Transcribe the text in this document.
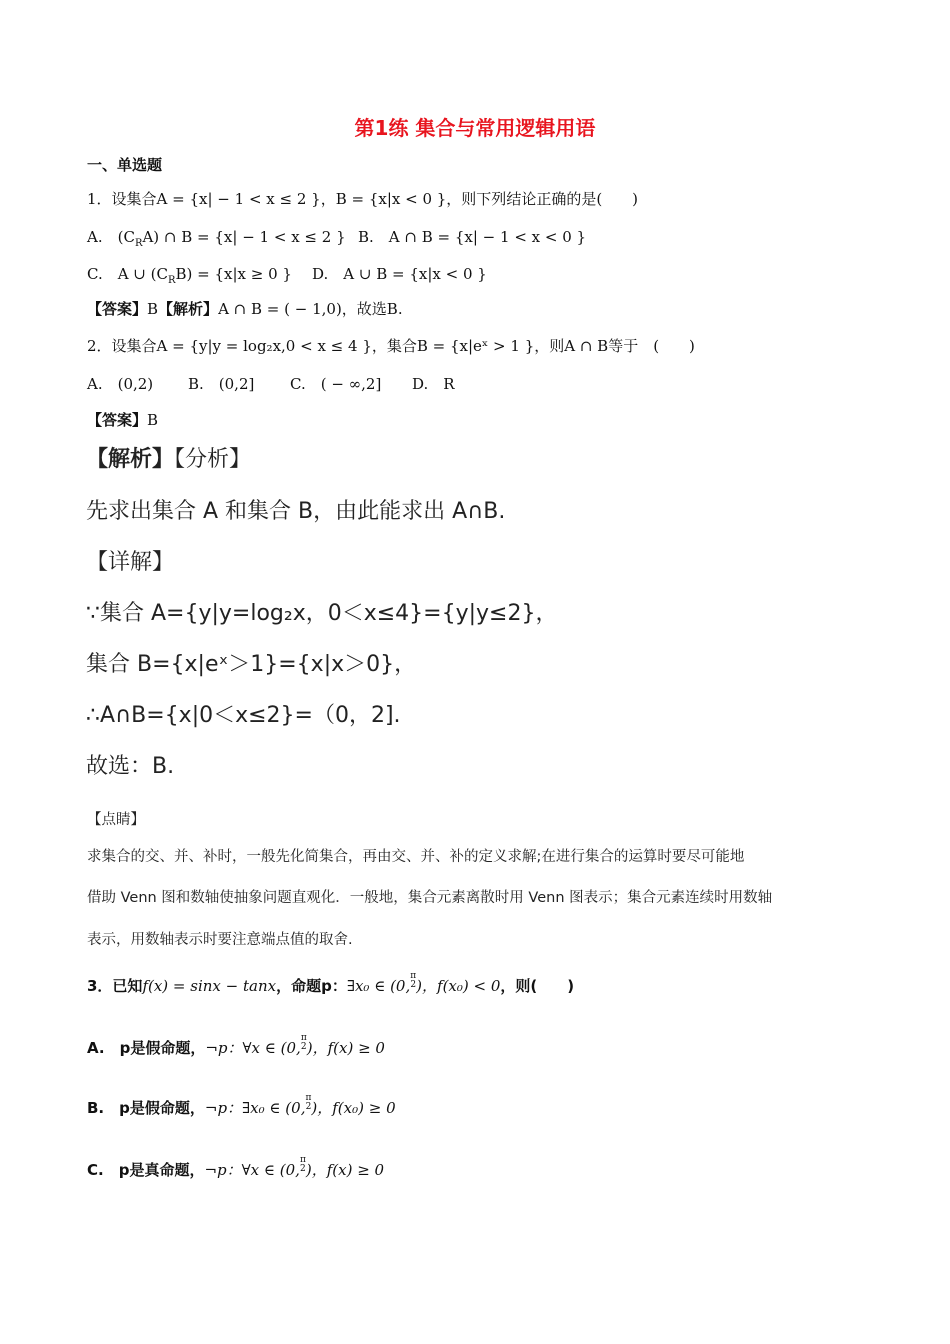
第1练 集合与常用逻辑用语
一、单选题
1．设集合A = {x| − 1 < x ≤ 2 }，B = {x|x < 0 }，则下列结论正确的是(　　)
A.　$(C_RA)$ ∩ B = {x| − 1 < x ≤ 2 } B.　A ∩ B = {x| − 1 < x < 0 }
C.　A ∪ $(C_RB) = \{x|x \ge 0$ } D.　A ∪ B = {x|x < 0 }
【答案】B【解析】A ∩ B = ( − 1,0)，故选B.
2．设集合A = {y|y = log₂x,0 < x ≤ 4 }，集合B = {x|eˣ > 1 }，则A ∩ B等于　(　　)
A.　(0,2) B.　(0,2] C.　( − ∞,2] D.　R
【答案】B
【解析】【分析】
先求出集合 A 和集合 B，由此能求出 A∩B.
【详解】
∵集合 A={y|y=log₂x，0＜x≤4}={y|y≤2}，
集合 B={x|eˣ＞1}={x|x＞0}，
∴A∩B={x|0＜x≤2}=（0，2].
故选：B.
【点睛】
求集合的交、并、补时，一般先化简集合，再由交、并、补的定义求解;在进行集合的运算时要尽可能地
借助 Venn 图和数轴使抽象问题直观化．一般地，集合元素离散时用 Venn 图表示；集合元素连续时用数轴
表示，用数轴表示时要注意端点值的取舍.
3．已知f(x) = sinx − tanx，命题p：∃x₀ ∈ (0,π
2)，f(x₀) < 0，则(　　)
A.　p是假命题，¬p：∀x ∈ (0,π
2)，f(x) ≥ 0
B.　p是假命题，¬p：∃x₀ ∈ (0,π
2)，f(x₀) ≥ 0
C.　p是真命题，¬p：∀x ∈ (0,π
2)，f(x) ≥ 0
